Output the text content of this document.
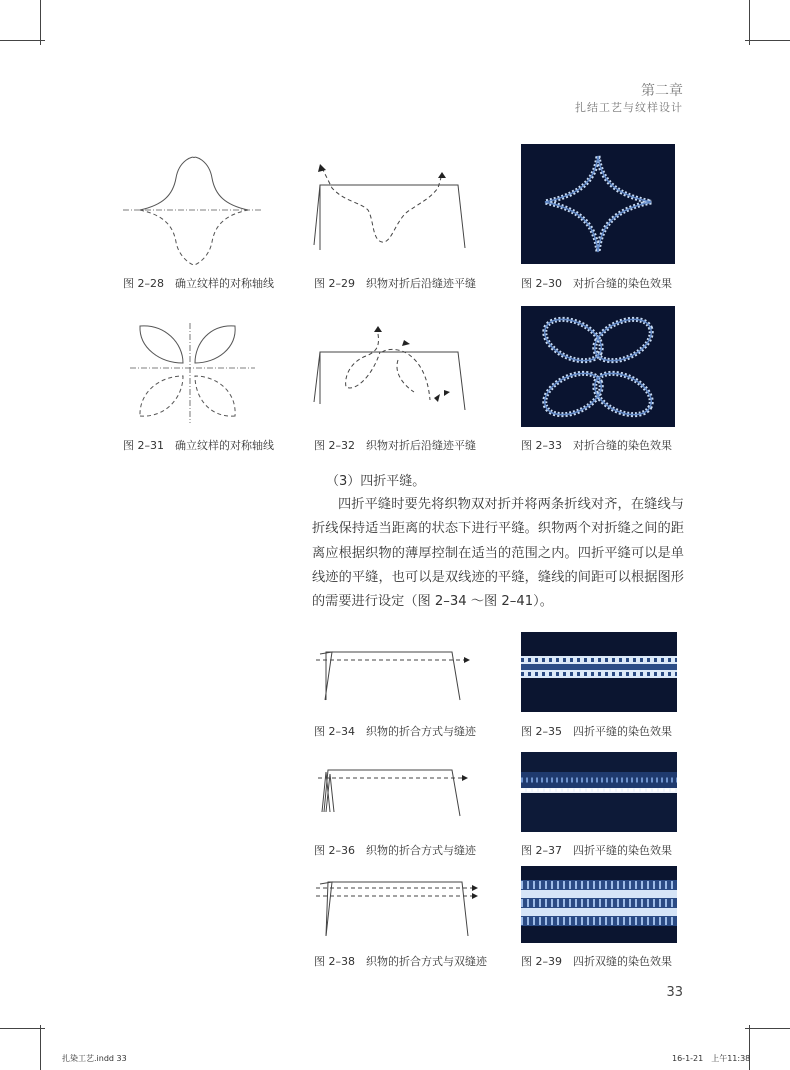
第二章
扎结工艺与纹样设计
图 2–28　确立纹样的对称轴线	图 2–29　织物对折后沿缝迹平缝	图 2–30　对折合缝的染色效果
图 2–31　确立纹样的对称轴线	图 2–32　织物对折后沿缝迹平缝	图 2–33　对折合缝的染色效果
（3）四折平缝。
四折平缝时要先将织物双对折并将两条折线对齐，在缝线与折线保持适当距离的状态下进行平缝。织物两个对折缝之间的距离应根据织物的薄厚控制在适当的范围之内。四折平缝可以是单线迹的平缝，也可以是双线迹的平缝，缝线的间距可以根据图形的需要进行设定（图 2–34 ～图 2–41）。
图 2–34　织物的折合方式与缝迹	图 2–35　四折平缝的染色效果
图 2–36　织物的折合方式与缝迹	图 2–37　四折平缝的染色效果
图 2–38　织物的折合方式与双缝迹	图 2–39　四折双缝的染色效果
33
扎染工艺.indd 33	16-1-21　上午11:38
